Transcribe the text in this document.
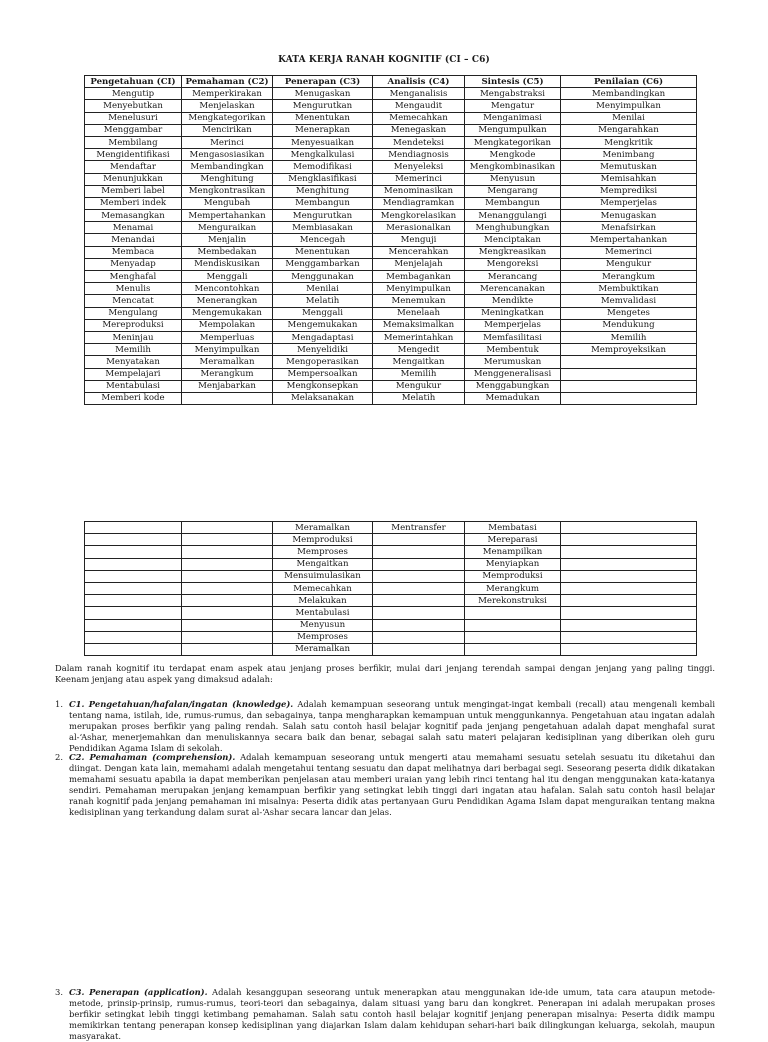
KATA KERJA RANAH KOGNITIF (CI – C6)
Pengetahuan (CI)	Pemahaman (C2)	Penerapan (C3)	Analisis (C4)	Sintesis (C5)	Penilaian (C6)
Mengutip	Memperkirakan	Menugaskan	Menganalisis	Mengabstraksi	Membandingkan
Menyebutkan	Menjelaskan	Mengurutkan	Mengaudit	Mengatur	Menyimpulkan
Menelusuri	Mengkategorikan	Menentukan	Memecahkan	Menganimasi	Menilai
Menggambar	Mencirikan	Menerapkan	Menegaskan	Mengumpulkan	Mengarahkan
Membilang	Merinci	Menyesuaikan	Mendeteksi	Mengkategorikan	Mengkritik
Mengidentifikasi	Mengasosiasikan	Mengkalkulasi	Mendiagnosis	Mengkode	Menimbang
Mendaftar	Membandingkan	Memodifikasi	Menyeleksi	Mengkombinasikan	Memutuskan
Menunjukkan	Menghitung	Mengklasifikasi	Memerinci	Menyusun	Memisahkan
Memberi label	Mengkontrasikan	Menghitung	Menominasikan	Mengarang	Memprediksi
Memberi indek	Mengubah	Membangun	Mendiagramkan	Membangun	Memperjelas
Memasangkan	Mempertahankan	Mengurutkan	Mengkorelasikan	Menanggulangi	Menugaskan
Menamai	Menguraikan	Membiasakan	Merasionalkan	Menghubungkan	Menafsirkan
Menandai	Menjalin	Mencegah	Menguji	Menciptakan	Mempertahankan
Membaca	Membedakan	Menentukan	Mencerahkan	Mengkreasikan	Memerinci
Menyadap	Mendiskusikan	Menggambarkan	Menjelajah	Mengoreksi	Mengukur
Menghafal	Menggali	Menggunakan	Membagankan	Merancang	Merangkum
Menulis	Mencontohkan	Menilai	Menyimpulkan	Merencanakan	Membuktikan
Mencatat	Menerangkan	Melatih	Menemukan	Mendikte	Memvalidasi
Mengulang	Mengemukakan	Menggali	Menelaah	Meningkatkan	Mengetes
Mereproduksi	Mempolakan	Mengemukakan	Memaksimalkan	Memperjelas	Mendukung
Meninjau	Memperluas	Mengadaptasi	Memerintahkan	Memfasilitasi	Memilih
Memilih	Menyimpulkan	Menyelidiki	Mengedit	Membentuk	Memproyeksikan
Menyatakan	Meramalkan	Mengoperasikan	Mengaitkan	Merumuskan	
Mempelajari	Merangkum	Mempersoalkan	Memilih	Menggeneralisasi	
Mentabulasi	Menjabarkan	Mengkonsepkan	Mengukur	Menggabungkan	
Memberi kode		Melaksanakan	Melatih	Memadukan	
		Meramalkan	Mentransfer	Membatasi	
		Memproduksi		Mereparasi	
		Memproses		Menampilkan	
		Mengaitkan		Menyiapkan	
		Mensuimulasikan		Memproduksi	
		Memecahkan		Merangkum	
		Melakukan		Merekonstruksi	
		Mentabulasi			
		Menyusun			
		Memproses			
		Meramalkan			
Dalam ranah kognitif itu terdapat enam aspek atau jenjang proses berfikir, mulai dari jenjang terendah sampai dengan jenjang yang paling tinggi. Keenam jenjang atau aspek yang dimaksud adalah:
1. C1. Pengetahuan/hafalan/ingatan (knowledge). Adalah kemampuan seseorang untuk mengingat-ingat kembali (recall) atau mengenali kembali tentang nama, istilah, ide, rumus-rumus, dan sebagainya, tanpa mengharapkan kemampuan untuk menggunkannya. Pengetahuan atau ingatan adalah merupakan proses berfikir yang paling rendah. Salah satu contoh hasil belajar kognitif pada jenjang pengetahuan adalah dapat menghafal surat al-‘Ashar, menerjemahkan dan menuliskannya secara baik dan benar, sebagai salah satu materi pelajaran kedisiplinan yang diberikan oleh guru Pendidikan Agama Islam di sekolah.
2. C2. Pemahaman (comprehension). Adalah kemampuan seseorang untuk mengerti atau memahami sesuatu setelah sesuatu itu diketahui dan diingat. Dengan kata lain, memahami adalah mengetahui tentang sesuatu dan dapat melihatnya dari berbagai segi. Seseorang peserta didik dikatakan memahami sesuatu apabila ia dapat memberikan penjelasan atau memberi uraian yang lebih rinci tentang hal itu dengan menggunakan kata-katanya sendiri. Pemahaman merupakan jenjang kemampuan berfikir yang setingkat lebih tinggi dari ingatan atau hafalan. Salah satu contoh hasil belajar ranah kognitif pada jenjang pemahaman ini misalnya: Peserta didik atas pertanyaan Guru Pendidikan Agama Islam dapat menguraikan tentang makna kedisiplinan yang terkandung dalam surat al-‘Ashar secara lancar dan jelas.
3. C3. Penerapan (application). Adalah kesanggupan seseorang untuk menerapkan atau menggunakan ide-ide umum, tata cara ataupun metode-metode, prinsip-prinsip, rumus-rumus, teori-teori dan sebagainya, dalam situasi yang baru dan kongkret. Penerapan ini adalah merupakan proses berfikir setingkat lebih tinggi ketimbang pemahaman. Salah satu contoh hasil belajar kognitif jenjang penerapan misalnya: Peserta didik mampu memikirkan tentang penerapan konsep kedisiplinan yang diajarkan Islam dalam kehidupan sehari-hari baik dilingkungan keluarga, sekolah, maupun masyarakat.
